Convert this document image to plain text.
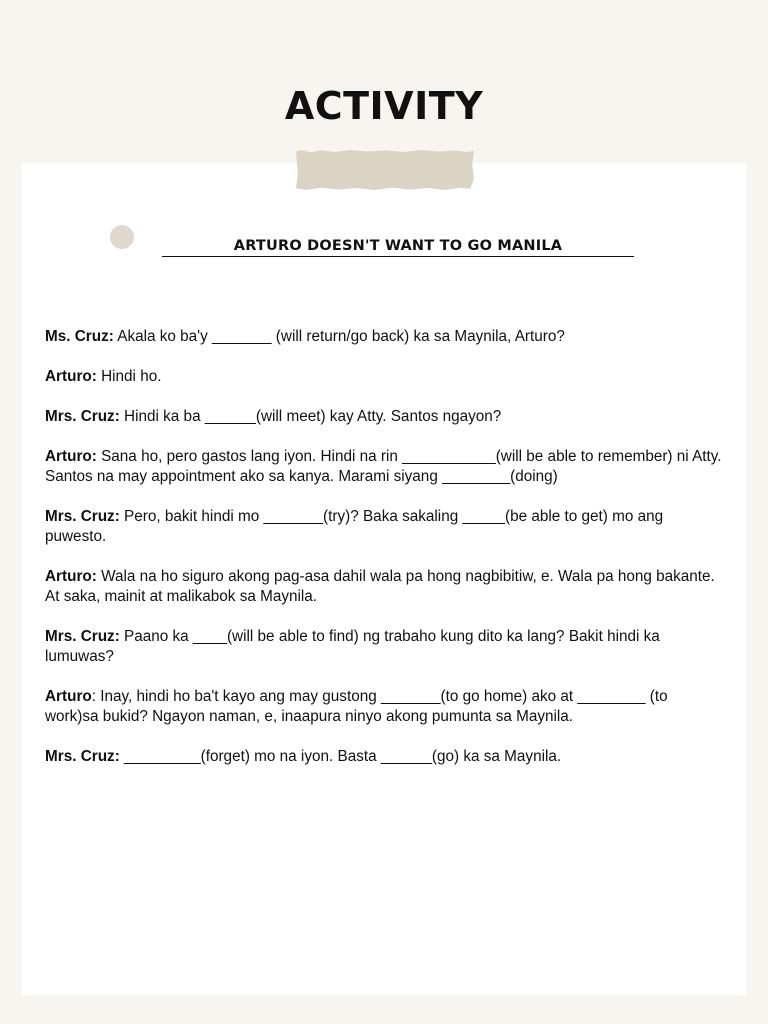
ACTIVITY
ARTURO DOESN'T WANT TO GO MANILA

Ms. Cruz: Akala ko ba'y _______ (will return/go back) ka sa Maynila, Arturo?

Arturo: Hindi ho.

Mrs. Cruz: Hindi ka ba ______(will meet) kay Atty. Santos ngayon?

Arturo: Sana ho, pero gastos lang iyon. Hindi na rin ___________(will be able to remember) ni Atty. Santos na may appointment ako sa kanya. Marami siyang ________(doing)

Mrs. Cruz: Pero, bakit hindi mo _______(try)? Baka sakaling _____(be able to get) mo ang puwesto.

Arturo: Wala na ho siguro akong pag-asa dahil wala pa hong nagbibitiw, e. Wala pa hong bakante. At saka, mainit at malikabok sa Maynila.

Mrs. Cruz: Paano ka ____(will be able to find) ng trabaho kung dito ka lang? Bakit hindi ka lumuwas?

Arturo: Inay, hindi ho ba't kayo ang may gustong _______(to go home) ako at ________ (to work)sa bukid? Ngayon naman, e, inaapura ninyo akong pumunta sa Maynila.

Mrs. Cruz: _________(forget) mo na iyon. Basta ______(go) ka sa Maynila.
